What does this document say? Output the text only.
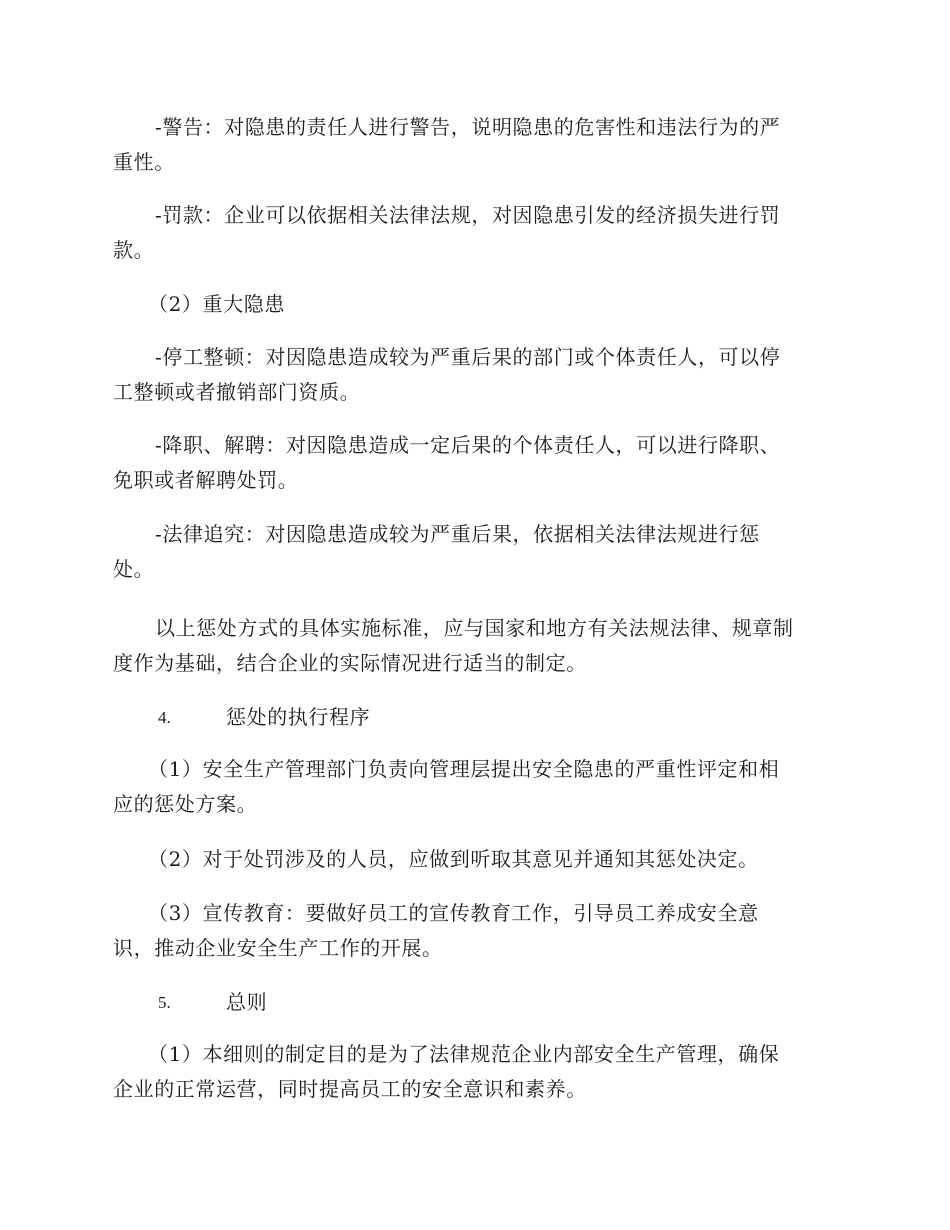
-警告：对隐患的责任人进行警告，说明隐患的危害性和违法行为的严
重性。

-罚款：企业可以依据相关法律法规，对因隐患引发的经济损失进行罚
款。

（2）重大隐患

-停工整顿：对因隐患造成较为严重后果的部门或个体责任人，可以停
工整顿或者撤销部门资质。

-降职、解聘：对因隐患造成一定后果的个体责任人，可以进行降职、
免职或者解聘处罚。

-法律追究：对因隐患造成较为严重后果，依据相关法律法规进行惩
处。

以上惩处方式的具体实施标准，应与国家和地方有关法规法律、规章制
度作为基础，结合企业的实际情况进行适当的制定。

4.	惩处的执行程序

（1）安全生产管理部门负责向管理层提出安全隐患的严重性评定和相
应的惩处方案。

（2）对于处罚涉及的人员，应做到听取其意见并通知其惩处决定。

（3）宣传教育：要做好员工的宣传教育工作，引导员工养成安全意
识，推动企业安全生产工作的开展。

5.	总则

（1）本细则的制定目的是为了法律规范企业内部安全生产管理，确保
企业的正常运营，同时提高员工的安全意识和素养。
